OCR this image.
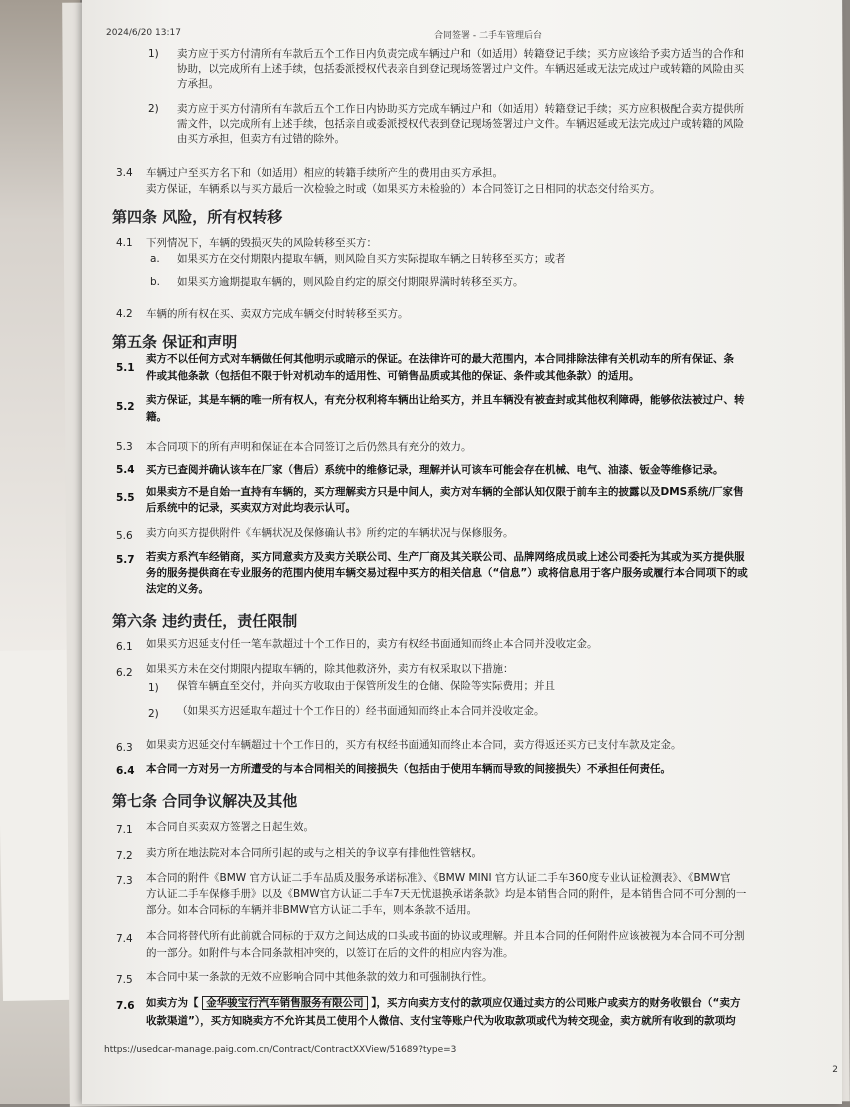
2024/6/20 13:17	合同签署 - 二手车管理后台
1) 卖方应于买方付清所有车款后五个工作日内负责完成车辆过户和（如适用）转籍登记手续；买方应该给予卖方适当的合作和
协助，以完成所有上述手续，包括委派授权代表亲自到登记现场签署过户文件。车辆迟延或无法完成过户或转籍的风险由买
方承担。
2) 卖方应于买方付清所有车款后五个工作日内协助买方完成车辆过户和（如适用）转籍登记手续；买方应积极配合卖方提供所
需文件，以完成所有上述手续，包括亲自或委派授权代表到登记现场签署过户文件。车辆迟延或无法完成过户或转籍的风险
由买方承担，但卖方有过错的除外。
3.4 车辆过户至买方名下和（如适用）相应的转籍手续所产生的费用由买方承担。
卖方保证，车辆系以与买方最后一次检验之时或（如果买方未检验的）本合同签订之日相同的状态交付给买方。
第四条 风险，所有权转移
4.1 下列情况下，车辆的毁损灭失的风险转移至买方：
a. 如果买方在交付期限内提取车辆，则风险自买方实际提取车辆之日转移至买方；或者
b. 如果买方逾期提取车辆的，则风险自约定的原交付期限界满时转移至买方。
4.2 车辆的所有权在买、卖双方完成车辆交付时转移至买方。
第五条 保证和声明
5.1
卖方不以任何方式对车辆做任何其他明示或暗示的保证。在法律许可的最大范围内，本合同排除法律有关机动车的所有保证、条
件或其他条款（包括但不限于针对机动车的适用性、可销售品质或其他的保证、条件或其他条款）的适用。
5.2
卖方保证，其是车辆的唯一所有权人，有充分权利将车辆出让给买方，并且车辆没有被查封或其他权利障碍，能够依法被过户、转
籍。
5.3 本合同项下的所有声明和保证在本合同签订之后仍然具有充分的效力。
5.4 买方已查阅并确认该车在厂家（售后）系统中的维修记录，理解并认可该车可能会存在机械、电气、油漆、钣金等维修记录。
5.5 如果卖方不是自始一直持有车辆的，买方理解卖方只是中间人，卖方对车辆的全部认知仅限于前车主的披露以及DMS系统/厂家售
后系统中的记录，买卖双方对此均表示认可。
5.6 卖方向买方提供附件《车辆状况及保修确认书》所约定的车辆状况与保修服务。
5.7 若卖方系汽车经销商，买方同意卖方及卖方关联公司、生产厂商及其关联公司、品牌网络成员或上述公司委托为其或为买方提供服
务的服务提供商在专业服务的范围内使用车辆交易过程中买方的相关信息（“信息”）或将信息用于客户服务或履行本合同项下的或
法定的义务。
第六条 违约责任，责任限制
6.1 如果买方迟延支付任一笔车款超过十个工作日的，卖方有权经书面通知而终止本合同并没收定金。
6.2 如果买方未在交付期限内提取车辆的，除其他救济外，卖方有权采取以下措施：
1) 保管车辆直至交付，并向买方收取由于保管所发生的仓储、保险等实际费用；并且
2) （如果买方迟延取车超过十个工作日的）经书面通知而终止本合同并没收定金。
6.3 如果卖方迟延交付车辆超过十个工作日的，买方有权经书面通知而终止本合同，卖方得返还买方已支付车款及定金。
6.4 本合同一方对另一方所遭受的与本合同相关的间接损失（包括由于使用车辆而导致的间接损失）不承担任何责任。
第七条 合同争议解决及其他
7.1 本合同自买卖双方签署之日起生效。
7.2 卖方所在地法院对本合同所引起的或与之相关的争议享有排他性管辖权。
7.3 本合同的附件《BMW 官方认证二手车品质及服务承诺标准》、《BMW MINI 官方认证二手车360度专业认证检测表》、《BMW官
方认证二手车保修手册》以及《BMW官方认证二手车7天无忧退换承诺条款》均是本销售合同的附件，是本销售合同不可分割的一
部分。如本合同标的车辆并非BMW官方认证二手车，则本条款不适用。
7.4 本合同将替代所有此前就合同标的于双方之间达成的口头或书面的协议或理解。并且本合同的任何附件应该被视为本合同不可分割
的一部分。如附件与本合同条款相冲突的，以签订在后的文件的相应内容为准。
7.5 本合同中某一条款的无效不应影响合同中其他条款的效力和可强制执行性。
7.6 如卖方为【 金华骏宝行汽车销售服务有限公司 】，买方向卖方支付的款项应仅通过卖方的公司账户或卖方的财务收银台（“卖方
收款渠道”），买方知晓卖方不允许其员工使用个人微信、支付宝等账户代为收取款项或代为转交现金，卖方就所有收到的款项均
https://usedcar-manage.paig.com.cn/Contract/ContractXXView/51689?type=3
2
